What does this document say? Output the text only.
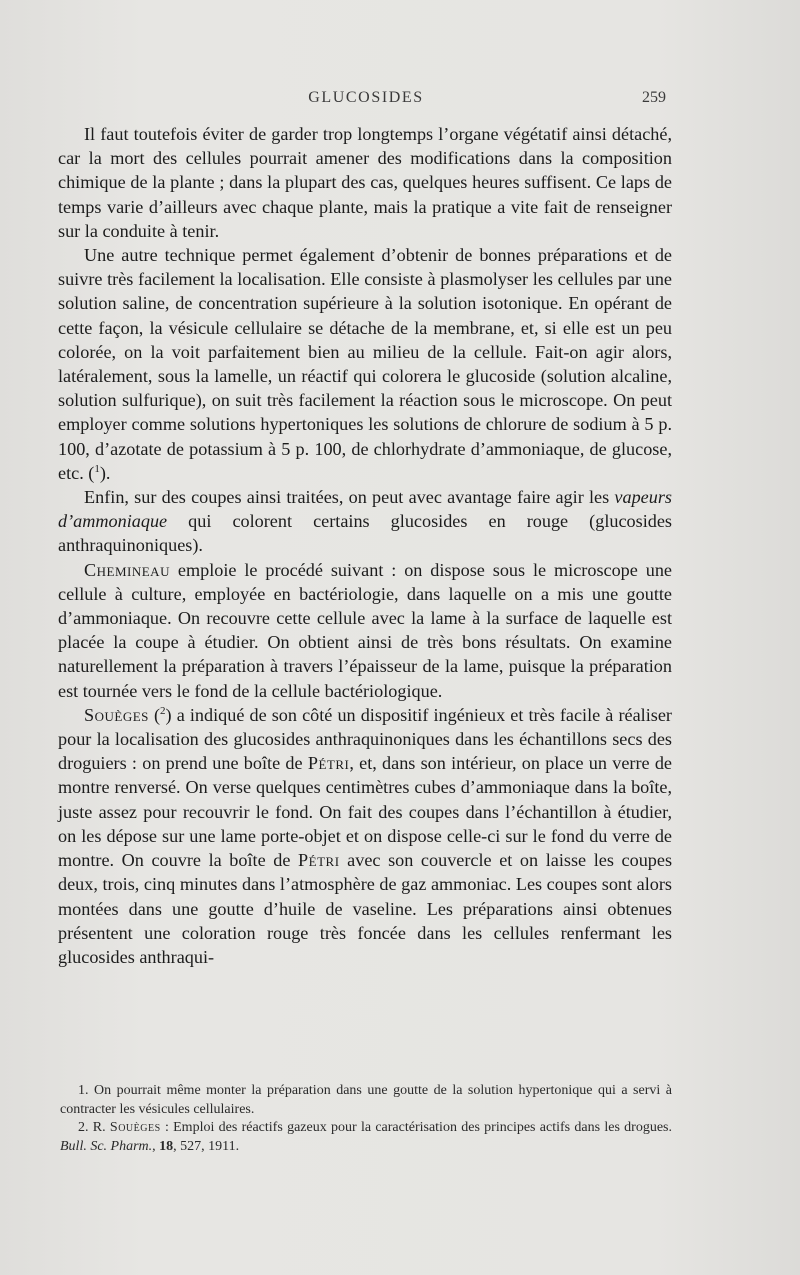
GLUCOSIDES	259

Il faut toutefois éviter de garder trop longtemps l’organe végétatif ainsi détaché, car la mort des cellules pourrait amener des modifications dans la composition chimique de la plante ; dans la plupart des cas, quelques heures suffisent. Ce laps de temps varie d’ailleurs avec chaque plante, mais la pratique a vite fait de renseigner sur la conduite à tenir.

Une autre technique permet également d’obtenir de bonnes préparations et de suivre très facilement la localisation. Elle consiste à plasmolyser les cellules par une solution saline, de concentration supérieure à la solution isotonique. En opérant de cette façon, la vésicule cellulaire se détache de la membrane, et, si elle est un peu colorée, on la voit parfaitement bien au milieu de la cellule. Fait-on agir alors, latéralement, sous la lamelle, un réactif qui colorera le glucoside (solution alcaline, solution sulfurique), on suit très facilement la réaction sous le microscope. On peut employer comme solutions hypertoniques les solutions de chlorure de sodium à 5 p. 100, d’azotate de potassium à 5 p. 100, de chlorhydrate d’ammoniaque, de glucose, etc. ($^1$).

Enfin, sur des coupes ainsi traitées, on peut avec avantage faire agir les vapeurs d’ammoniaque qui colorent certains glucosides en rouge (glucosides anthraquinoniques).

Chemineau emploie le procédé suivant : on dispose sous le microscope une cellule à culture, employée en bactériologie, dans laquelle on a mis une goutte d’ammoniaque. On recouvre cette cellule avec la lame à la surface de laquelle est placée la coupe à étudier. On obtient ainsi de très bons résultats. On examine naturellement la préparation à travers l’épaisseur de la lame, puisque la préparation est tournée vers le fond de la cellule bactériologique.

Souèges ($^2$) a indiqué de son côté un dispositif ingénieux et très facile à réaliser pour la localisation des glucosides anthraquinoniques dans les échantillons secs des droguiers : on prend une boîte de Pétri, et, dans son intérieur, on place un verre de montre renversé. On verse quelques centimètres cubes d’ammoniaque dans la boîte, juste assez pour recouvrir le fond. On fait des coupes dans l’échantillon à étudier, on les dépose sur une lame porte-objet et on dispose celle-ci sur le fond du verre de montre. On couvre la boîte de Pétri avec son couvercle et on laisse les coupes deux, trois, cinq minutes dans l’atmosphère de gaz ammoniac. Les coupes sont alors montées dans une goutte d’huile de vaseline. Les préparations ainsi obtenues présentent une coloration rouge très foncée dans les cellules renfermant les glucosides anthraqui-

1. On pourrait même monter la préparation dans une goutte de la solution hypertonique qui a servi à contracter les vésicules cellulaires.

2. R. Souèges : Emploi des réactifs gazeux pour la caractérisation des principes actifs dans les drogues. Bull. Sc. Pharm., 18, 527, 1911.
